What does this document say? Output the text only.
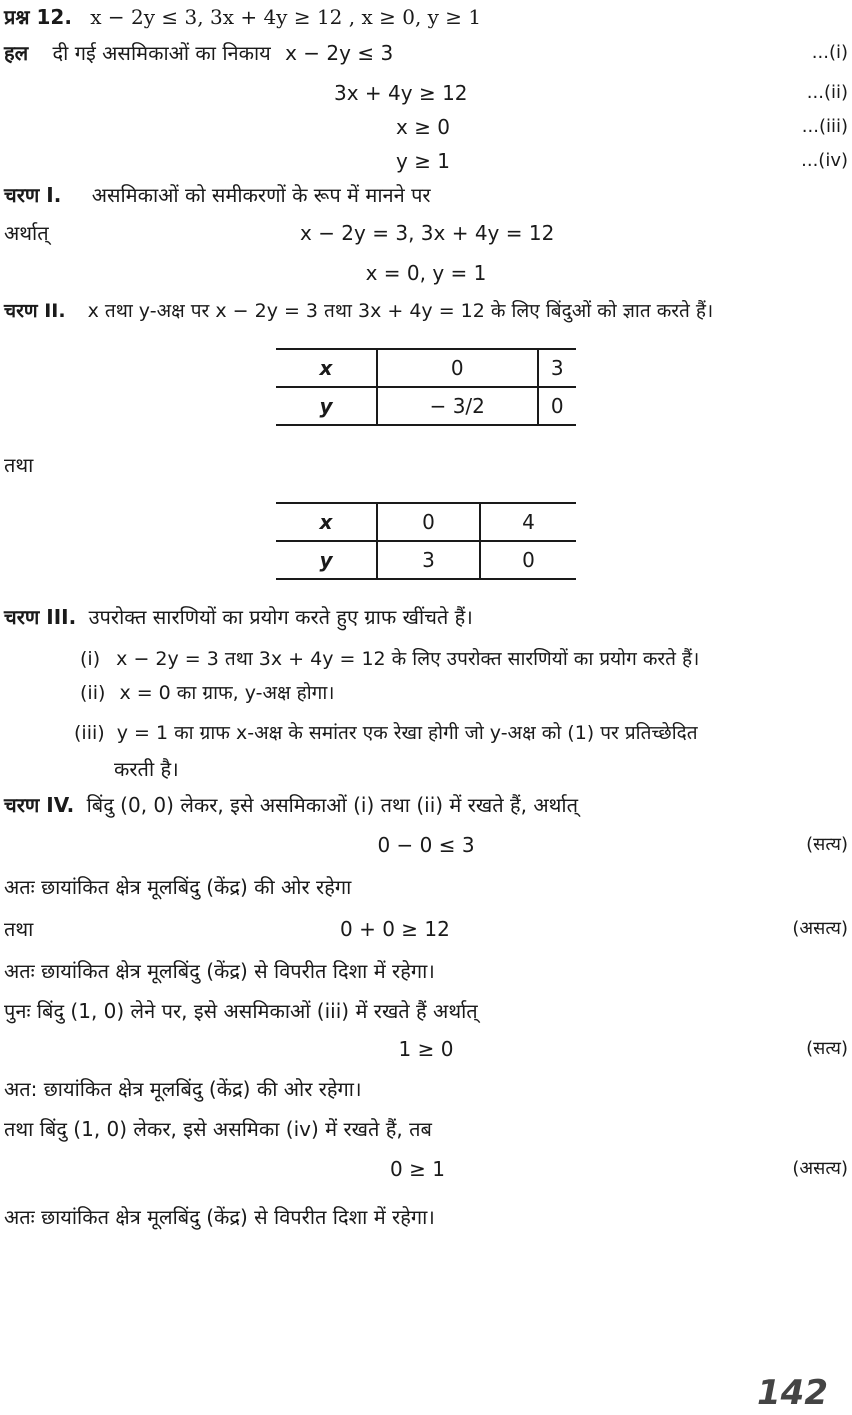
प्रश्न 12. x − 2y ≤ 3, 3x + 4y ≥ 12 , x ≥ 0, y ≥ 1
हल दी गई असमिकाओं का निकाय x − 2y ≤ 3	...(i)
3x + 4y ≥ 12	...(ii)
x ≥ 0	...(iii)
y ≥ 1	...(iv)
चरण I. असमिकाओं को समीकरणों के रूप में मानने पर
अर्थात्	x − 2y = 3, 3x + 4y = 12
x = 0, y = 1
चरण II. x तथा y-अक्ष पर x − 2y = 3 तथा 3x + 4y = 12 के लिए बिंदुओं को ज्ञात करते हैं।
x	0	3
y	− 3/2	0
तथा
x	0	4
y	3	0
चरण III. उपरोक्त सारणियों का प्रयोग करते हुए ग्राफ खींचते हैं।
(i) x − 2y = 3 तथा 3x + 4y = 12 के लिए उपरोक्त सारणियों का प्रयोग करते हैं।
(ii) x = 0 का ग्राफ, y-अक्ष होगा।
(iii) y = 1 का ग्राफ x-अक्ष के समांतर एक रेखा होगी जो y-अक्ष को (1) पर प्रतिच्छेदित
करती है।
चरण IV. बिंदु (0, 0) लेकर, इसे असमिकाओं (i) तथा (ii) में रखते हैं, अर्थात्
0 − 0 ≤ 3	(सत्य)
अतः छायांकित क्षेत्र मूलबिंदु (केंद्र) की ओर रहेगा
तथा	0 + 0 ≥ 12	(असत्य)
अतः छायांकित क्षेत्र मूलबिंदु (केंद्र) से विपरीत दिशा में रहेगा।
पुनः बिंदु (1, 0) लेने पर, इसे असमिकाओं (iii) में रखते हैं अर्थात्
1 ≥ 0	(सत्य)
अत: छायांकित क्षेत्र मूलबिंदु (केंद्र) की ओर रहेगा।
तथा बिंदु (1, 0) लेकर, इसे असमिका (iv) में रखते हैं, तब
0 ≥ 1	(असत्य)
अतः छायांकित क्षेत्र मूलबिंदु (केंद्र) से विपरीत दिशा में रहेगा।
142
